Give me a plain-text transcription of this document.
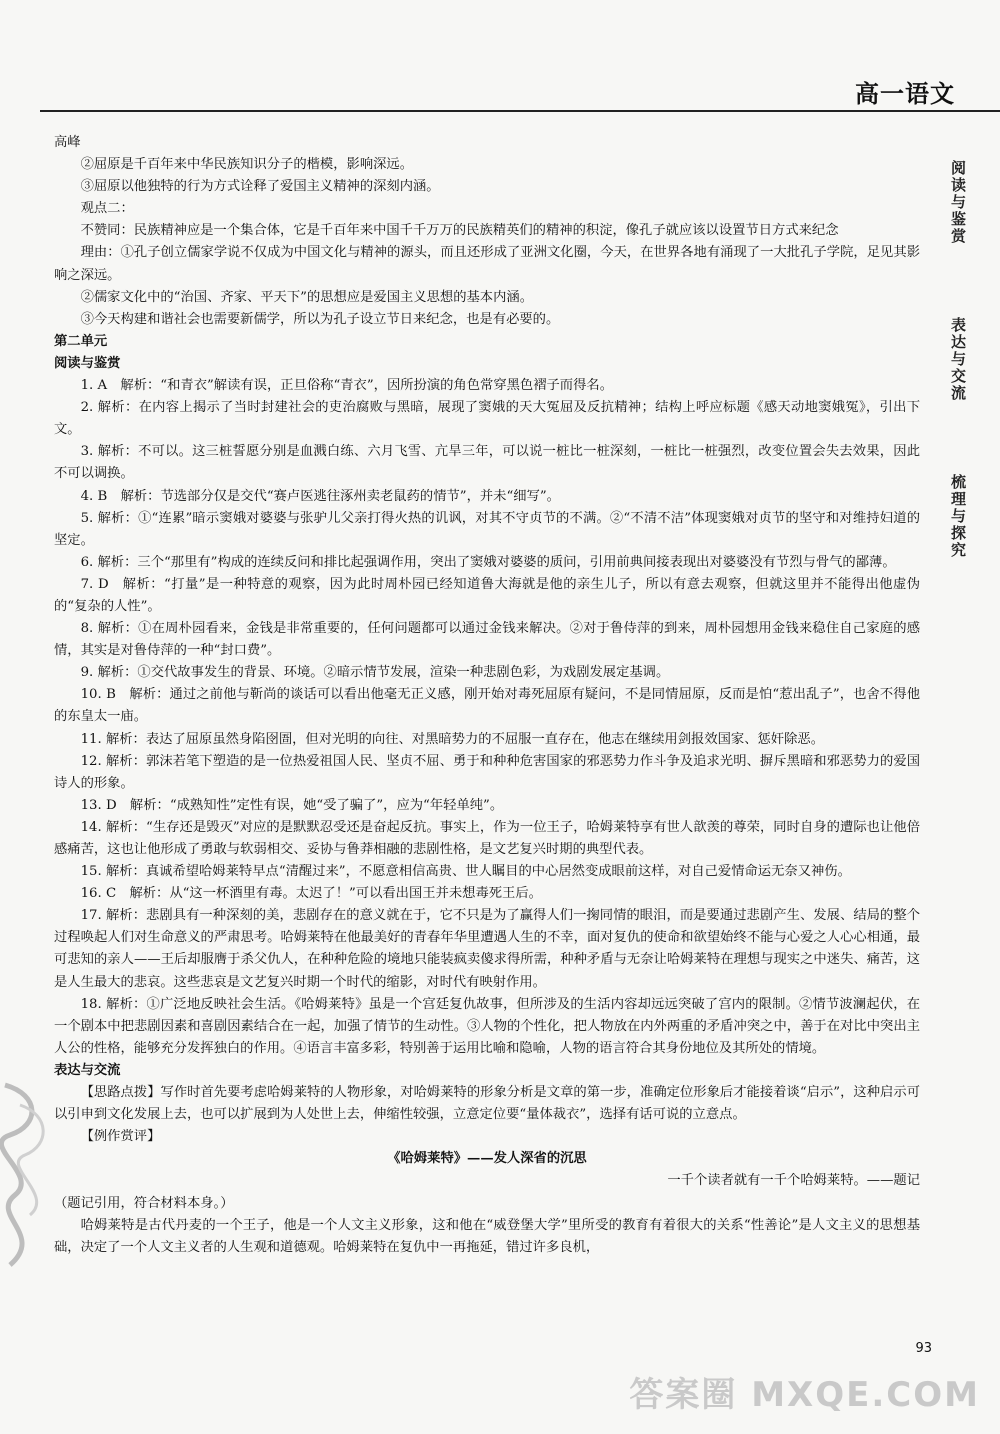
高一语文
阅读与鉴赏
表达与交流
梳理与探究

高峰

②屈原是千百年来中华民族知识分子的楷模，影响深远。

③屈原以他独特的行为方式诠释了爱国主义精神的深刻内涵。

观点二：

不赞同：民族精神应是一个集合体，它是千百年来中国千千万万的民族精英们的精神的积淀，像孔子就应该以设置节日方式来纪念

理由：①孔子创立儒家学说不仅成为中国文化与精神的源头，而且还形成了亚洲文化圈，今天，在世界各地有涌现了一大批孔子学院，足见其影响之深远。

②儒家文化中的“治国、齐家、平天下”的思想应是爱国主义思想的基本内涵。

③今天构建和谐社会也需要新儒学，所以为孔子设立节日来纪念，也是有必要的。

第二单元

阅读与鉴赏

1. A　解析：“和青衣”解读有误，正旦俗称“青衣”，因所扮演的角色常穿黑色褶子而得名。

2. 解析：在内容上揭示了当时封建社会的吏治腐败与黑暗，展现了窦娥的天大冤屈及反抗精神；结构上呼应标题《感天动地窦娥冤》，引出下文。

3. 解析：不可以。这三桩誓愿分别是血溅白练、六月飞雪、亢旱三年，可以说一桩比一桩深刻，一桩比一桩强烈，改变位置会失去效果，因此不可以调换。

4. B　解析：节选部分仅是交代“赛卢医逃往涿州卖老鼠药的情节”，并未“细写”。

5. 解析：①“连累”暗示窦娥对婆婆与张驴儿父亲打得火热的讥讽，对其不守贞节的不满。②“不清不洁”体现窦娥对贞节的坚守和对维持妇道的坚定。

6. 解析：三个“那里有”构成的连续反问和排比起强调作用，突出了窦娥对婆婆的质问，引用前典间接表现出对婆婆没有节烈与骨气的鄙薄。

7. D　解析：“打量”是一种特意的观察，因为此时周朴园已经知道鲁大海就是他的亲生儿子，所以有意去观察，但就这里并不能得出他虚伪的“复杂的人性”。

8. 解析：①在周朴园看来，金钱是非常重要的，任何问题都可以通过金钱来解决。②对于鲁侍萍的到来，周朴园想用金钱来稳住自己家庭的感情，其实是对鲁侍萍的一种“封口费”。

9. 解析：①交代故事发生的背景、环境。②暗示情节发展，渲染一种悲剧色彩，为戏剧发展定基调。

10. B　解析：通过之前他与靳尚的谈话可以看出他毫无正义感，刚开始对毒死屈原有疑问，不是同情屈原，反而是怕“惹出乱子”，也舍不得他的东皇太一庙。

11. 解析：表达了屈原虽然身陷囹圄，但对光明的向往、对黑暗势力的不屈服一直存在，他志在继续用剑报效国家、惩奸除恶。

12. 解析：郭沫若笔下塑造的是一位热爱祖国人民、坚贞不屈、勇于和种种危害国家的邪恶势力作斗争及追求光明、摒斥黑暗和邪恶势力的爱国诗人的形象。

13. D　解析：“成熟知性”定性有误，她“受了骗了”，应为“年轻单纯”。

14. 解析：“生存还是毁灭”对应的是默默忍受还是奋起反抗。事实上，作为一位王子，哈姆莱特享有世人歆羡的尊荣，同时自身的遭际也让他倍感痛苦，这也让他形成了勇敢与软弱相交、妥协与鲁莽相融的悲剧性格，是文艺复兴时期的典型代表。

15. 解析：真诚希望哈姆莱特早点“清醒过来”，不愿意相信高贵、世人瞩目的中心居然变成眼前这样，对自己爱情命运无奈又神伤。

16. C　解析：从“这一杯酒里有毒。太迟了！”可以看出国王并未想毒死王后。

17. 解析：悲剧具有一种深刻的美，悲剧存在的意义就在于，它不只是为了赢得人们一掬同情的眼泪，而是要通过悲剧产生、发展、结局的整个过程唤起人们对生命意义的严肃思考。哈姆莱特在他最美好的青春年华里遭遇人生的不幸，面对复仇的使命和欲望始终不能与心爱之人心心相通，最可悲知的亲人——王后却服膺于杀父仇人，在种种危险的境地只能装疯卖傻求得所需，种种矛盾与无奈让哈姆莱特在理想与现实之中迷失、痛苦，这是人生最大的悲哀。这些悲哀是文艺复兴时期一个时代的缩影，对时代有映射作用。

18. 解析：①广泛地反映社会生活。《哈姆莱特》虽是一个宫廷复仇故事，但所涉及的生活内容却远远突破了宫内的限制。②情节波澜起伏，在一个剧本中把悲剧因素和喜剧因素结合在一起，加强了情节的生动性。③人物的个性化，把人物放在内外两重的矛盾冲突之中，善于在对比中突出主人公的性格，能够充分发挥独白的作用。④语言丰富多彩，特别善于运用比喻和隐喻，人物的语言符合其身份地位及其所处的情境。

表达与交流

【思路点拨】写作时首先要考虑哈姆莱特的人物形象，对哈姆莱特的形象分析是文章的第一步，准确定位形象后才能接着谈“启示”，这种启示可以引申到文化发展上去，也可以扩展到为人处世上去，伸缩性较强，立意定位要“量体裁衣”，选择有话可说的立意点。

【例作赏评】

《哈姆莱特》——发人深省的沉思

一千个读者就有一千个哈姆莱特。——题记

（题记引用，符合材料本身。）

哈姆莱特是古代丹麦的一个王子，他是一个人文主义形象，这和他在“威登堡大学”里所受的教育有着很大的关系“性善论”是人文主义的思想基础，决定了一个人文主义者的人生观和道德观。哈姆莱特在复仇中一再拖延，错过许多良机，

93
答案圈 MXQE.COM
